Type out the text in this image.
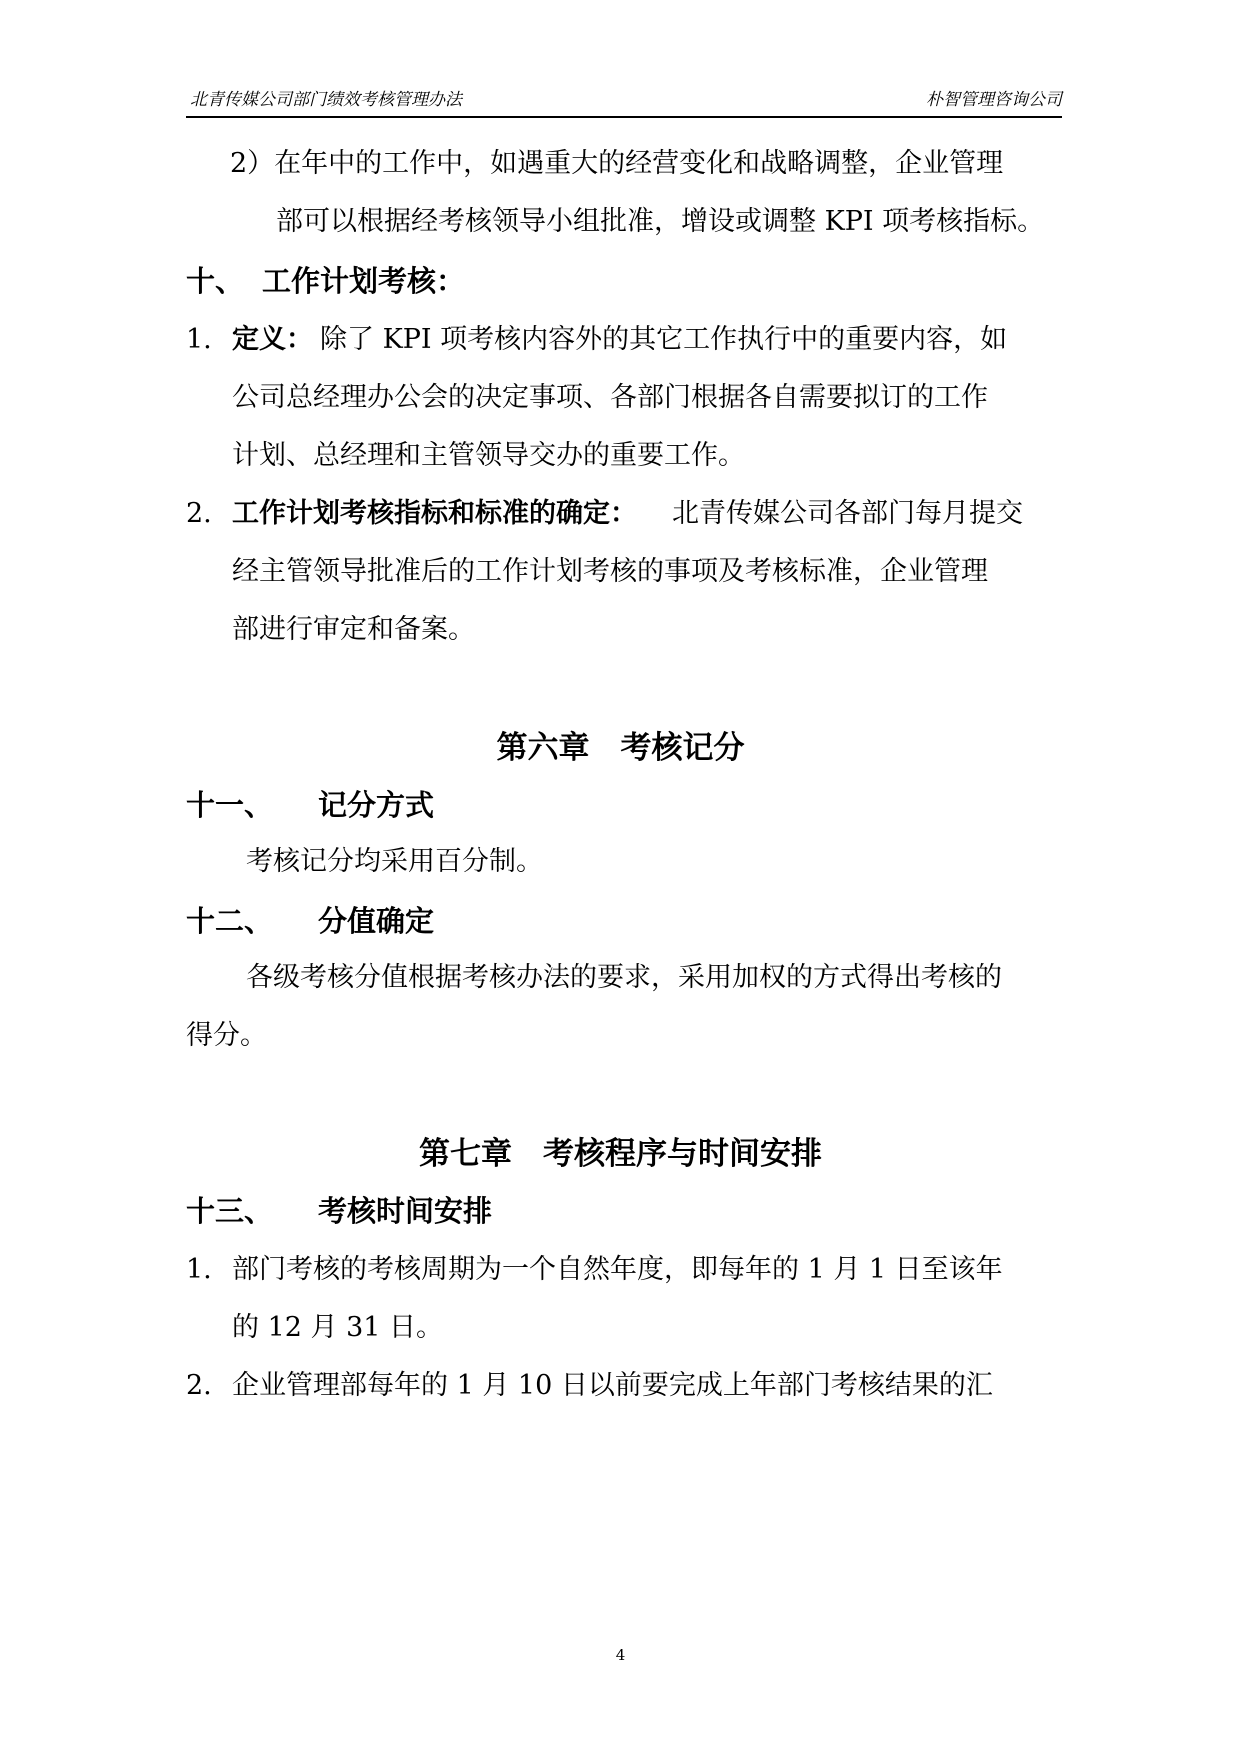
北青传媒公司部门绩效考核管理办法	朴智管理咨询公司
2）在年中的工作中，如遇重大的经营变化和战略调整，企业管理
部可以根据经考核领导小组批准，增设或调整 KPI 项考核指标。
十、 工作计划考核：
1. 定义： 除了 KPI 项考核内容外的其它工作执行中的重要内容，如
公司总经理办公会的决定事项、各部门根据各自需要拟订的工作
计划、总经理和主管领导交办的重要工作。
2. 工作计划考核指标和标准的确定： 北青传媒公司各部门每月提交
经主管领导批准后的工作计划考核的事项及考核标准，企业管理
部进行审定和备案。
第六章　考核记分
十一、 记分方式
考核记分均采用百分制。
十二、 分值确定
各级考核分值根据考核办法的要求，采用加权的方式得出考核的
得分。
第七章　考核程序与时间安排
十三、 考核时间安排
1. 部门考核的考核周期为一个自然年度，即每年的 1 月 1 日至该年
的 12 月 31 日。
2. 企业管理部每年的 1 月 10 日以前要完成上年部门考核结果的汇
4
